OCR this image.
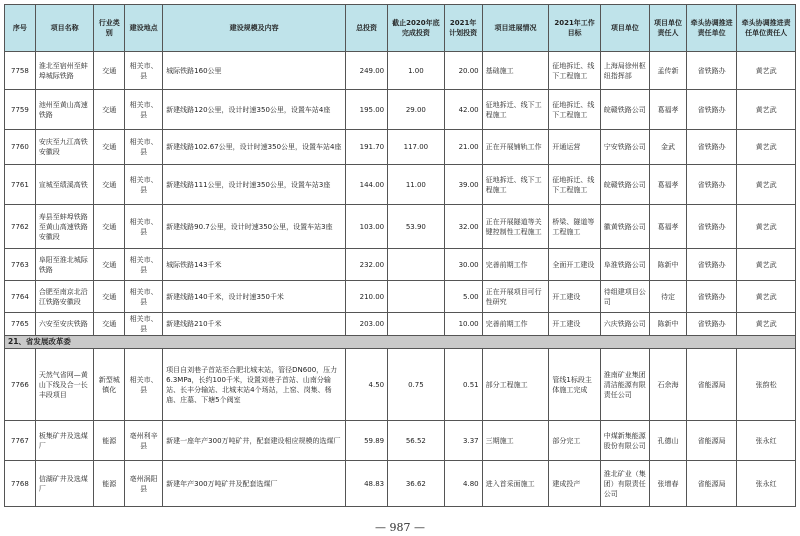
序号	项目名称	行业类别	建设地点	建设规模及内容	总投资	截止2020年底完成投资	2021年计划投资	项目进展情况	2021年工作目标	项目单位	项目单位责任人	牵头协调推进责任单位	牵头协调推进责任单位责任人
7758	淮北至宿州至蚌埠城际铁路	交通	相关市、县	城际铁路160公里	249.00	1.00	20.00	基础施工	征地拆迁、线下工程施工	上海局徐州枢纽指挥部	孟传新	省铁路办	黄艺武
7759	池州至黄山高速铁路	交通	相关市、县	新建线路120公里，设计时速350公里，设置车站4座	195.00	29.00	42.00	征地拆迁、线下工程施工	征地拆迁、线下工程施工	皖赣铁路公司	葛福孝	省铁路办	黄艺武
7760	安庆至九江高铁安徽段	交通	相关市、县	新建线路102.67公里，设计时速350公里，设置车站4座	191.70	117.00	21.00	正在开展铺轨工作	开通运营	宁安铁路公司	金武	省铁路办	黄艺武
7761	宣城至绩溪高铁	交通	相关市、县	新建线路111公里，设计时速350公里，设置车站3座	144.00	11.00	39.00	征地拆迁、线下工程施工	征地拆迁、线下工程施工	皖赣铁路公司	葛福孝	省铁路办	黄艺武
7762	寿县至蚌埠铁路至黄山高速铁路安徽段	交通	相关市、县	新建线路90.7公里，设计时速350公里，设置车站3座	103.00	53.90	32.00	正在开展隧道等关键控制性工程施工	桥梁、隧道等工程施工	徽黄铁路公司	葛福孝	省铁路办	黄艺武
7763	阜阳至淮北城际铁路	交通	相关市、县	城际铁路143千米	232.00		30.00	完善前期工作	全面开工建设	阜淮铁路公司	陈新中	省铁路办	黄艺武
7764	合肥至南京北沿江铁路安徽段	交通	相关市、县	新建线路140千米，设计时速350千米	210.00		5.00	正在开展项目可行性研究	开工建设	待组建项目公司	待定	省铁路办	黄艺武
7765	六安至安庆铁路	交通	相关市、县	新建线路210千米	203.00		10.00	完善前期工作	开工建设	六庆铁路公司	陈新中	省铁路办	黄艺武
21、省发展改革委													
7766	天然气省网—黄山下线及合一长丰段项目	新型城镇化	相关市、县	项目自刘巷子首站至合肥北城末站，管径DN600，压力6.3MPa，长约100千米，设置刘巷子首站、山南分输站、长丰分输站、北城末站4个场站，上窑、岗集、杨庙、庄墓、下塘5个阀室	4.50	0.75	0.51	部分工程施工	管线1标段主体施工完成	淮南矿业集团清洁能源有限责任公司	石余海	省能源局	张韵松
7767	板集矿井及选煤厂	能源	亳州利辛县	新建一座年产300万吨矿井，配套建设相应规模的选煤厂	59.89	56.52	3.37	三期施工	部分完工	中煤新集能源股份有限公司	孔德山	省能源局	张永红
7768	信湖矿井及选煤厂	能源	亳州涡阳县	新建年产300万吨矿井及配套选煤厂	48.83	36.62	4.80	进入首采面施工	建成投产	淮北矿业（集团）有限责任公司	张增春	省能源局	张永红
— 987 —
